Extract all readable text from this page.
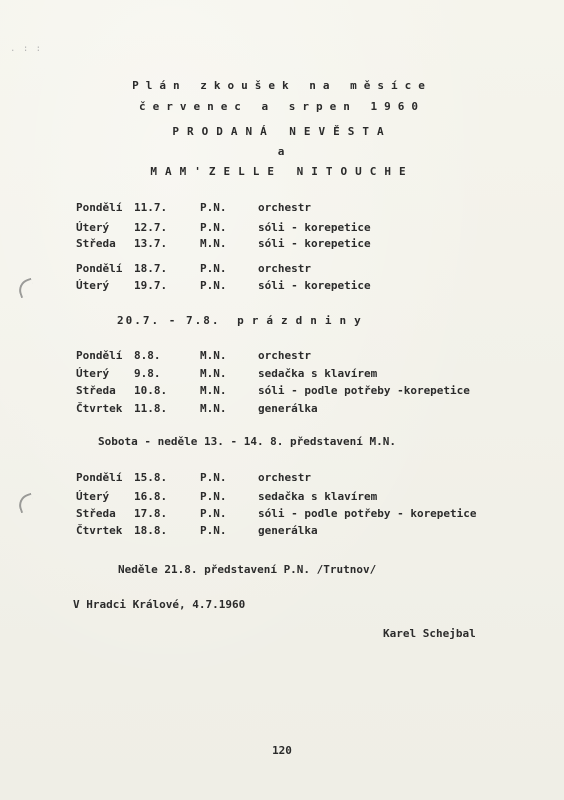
. : :
Plán zkoušek na měsíce
červenec a srpen 1960
PRODANÁ NEVĚSTA
a
MAM'ZELLE NITOUCHE
Pondělí 11.7.	P.N.	orchestr
Úterý 12.7.	P.N.	sóli - korepetice
Středa 13.7.	M.N.	sóli - korepetice
Pondělí 18.7.	P.N.	orchestr
Úterý 19.7.	P.N.	sóli - korepetice
20.7. - 7.8. prázdniny
Pondělí 8.8.	M.N.	orchestr
Úterý 9.8.	M.N.	sedačka s klavírem
Středa 10.8.	M.N.	sóli - podle potřeby -korepetice
Čtvrtek 11.8.	M.N.	generálka
Sobota - neděle 13. - 14. 8. představení M.N.
Pondělí 15.8.	P.N.	orchestr
Úterý 16.8.	P.N.	sedačka s klavírem
Středa 17.8.	P.N.	sóli - podle potřeby - korepetice
Čtvrtek 18.8.	P.N.	generálka
Neděle 21.8. představení P.N. /Trutnov/
V Hradci Králové, 4.7.1960
Karel Schejbal
120
